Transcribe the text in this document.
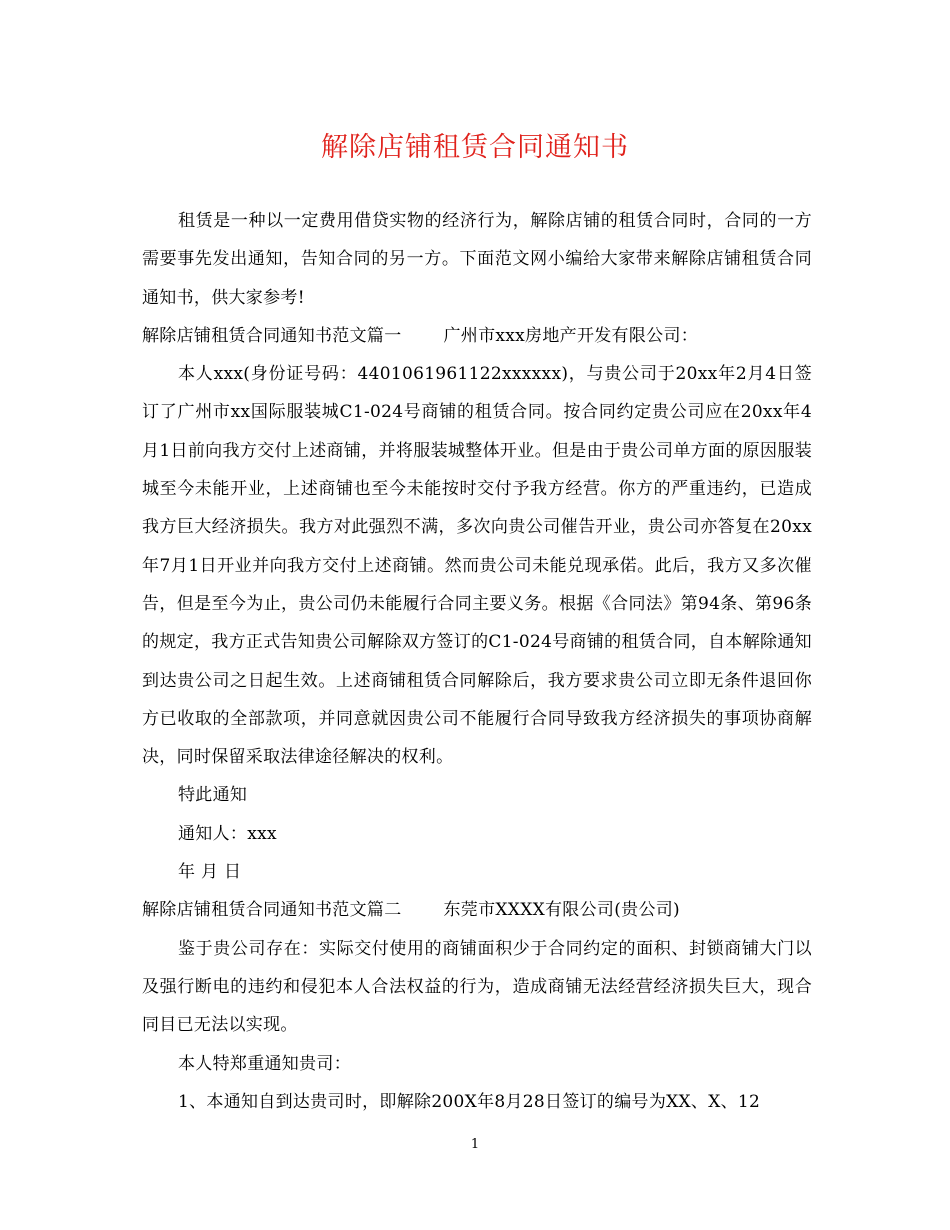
解除店铺租赁合同通知书

租赁是一种以一定费用借贷实物的经济行为，解除店铺的租赁合同时，合同的一方需要事先发出通知，告知合同的另一方。下面范文网小编给大家带来解除店铺租赁合同通知书，供大家参考!

解除店铺租赁合同通知书范文篇一 广州市xxx房地产开发有限公司：

本人xxx(身份证号码：4401061961122xxxxxx)，与贵公司于20xx年2月4日签订了广州市xx国际服装城C1-024号商铺的租赁合同。按合同约定贵公司应在20xx年4月1日前向我方交付上述商铺，并将服装城整体开业。但是由于贵公司单方面的原因服装城至今未能开业，上述商铺也至今未能按时交付予我方经营。你方的严重违约，已造成我方巨大经济损失。我方对此强烈不满，多次向贵公司催告开业，贵公司亦答复在20xx年7月1日开业并向我方交付上述商铺。然而贵公司未能兑现承偌。此后，我方又多次催告，但是至今为止，贵公司仍未能履行合同主要义务。根据《合同法》第94条、第96条的规定，我方正式告知贵公司解除双方签订的C1-024号商铺的租赁合同，自本解除通知到达贵公司之日起生效。上述商铺租赁合同解除后，我方要求贵公司立即无条件退回你方已收取的全部款项，并同意就因贵公司不能履行合同导致我方经济损失的事项协商解决，同时保留采取法律途径解决的权利。

特此通知

通知人：xxx

年 月 日

解除店铺租赁合同通知书范文篇二 东莞市XXXX有限公司(贵公司)

鉴于贵公司存在：实际交付使用的商铺面积少于合同约定的面积、封锁商铺大门以及强行断电的违约和侵犯本人合法权益的行为，造成商铺无法经营经济损失巨大，现合同目已无法以实现。

本人特郑重通知贵司：

1、本通知自到达贵司时，即解除200X年8月28日签订的编号为XX、X、12

1
